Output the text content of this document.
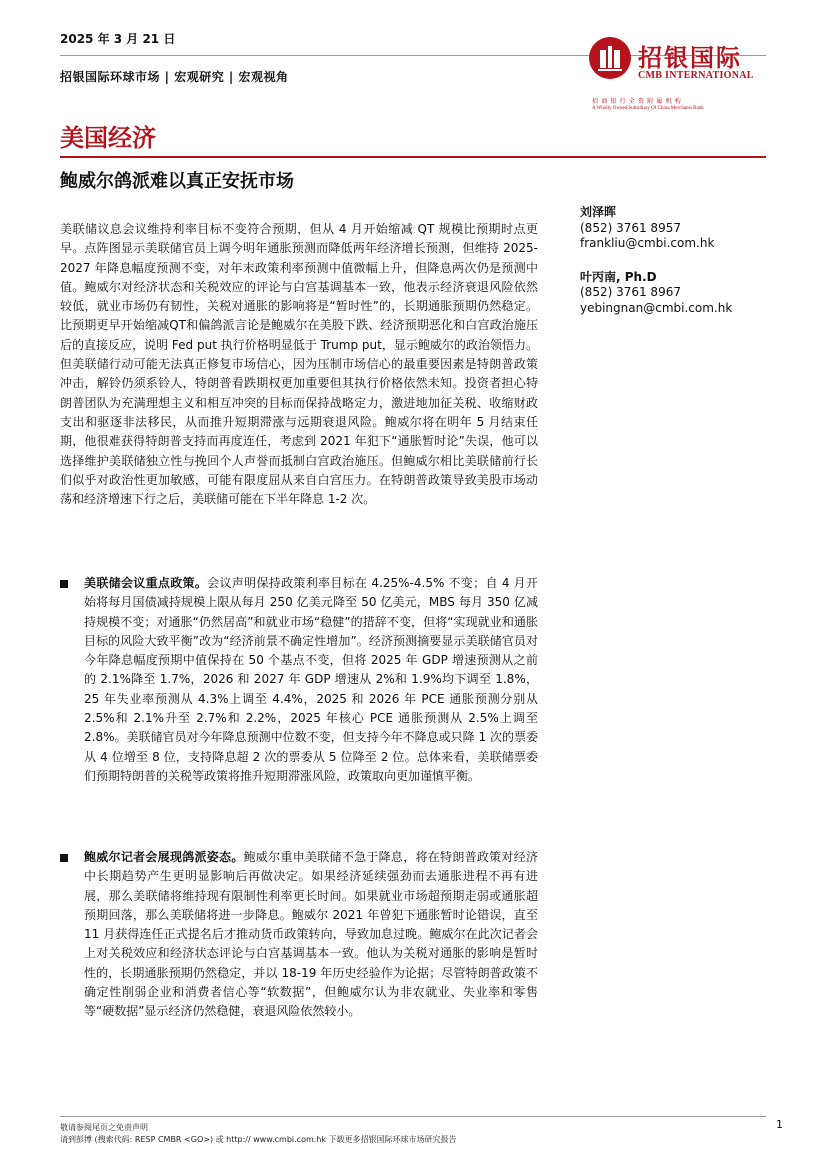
2025 年 3 月 21 日
招银国际环球市场 | 宏观研究 | 宏观视角
招银国际
CMB INTERNATIONAL
招商银行全资附属机构
A Wholly Owned Subsidiary Of China Merchants Bank
美国经济
鲍威尔鸽派难以真正安抚市场

美联储议息会议维持利率目标不变符合预期，但从 4 月开始缩减 QT 规模比预期时点更早。点阵图显示美联储官员上调今明年通胀预测而降低两年经济增长预测，但维持 2025-2027 年降息幅度预测不变，对年末政策利率预测中值微幅上升，但降息两次仍是预测中值。鲍威尔对经济状态和关税效应的评论与白宫基调基本一致，他表示经济衰退风险依然较低，就业市场仍有韧性，关税对通胀的影响将是“暂时性”的，长期通胀预期仍然稳定。比预期更早开始缩减QT和偏鸽派言论是鲍威尔在美股下跌、经济预期恶化和白宫政治施压后的直接反应，说明 Fed put 执行价格明显低于 Trump put，显示鲍威尔的政治领悟力。但美联储行动可能无法真正修复市场信心，因为压制市场信心的最重要因素是特朗普政策冲击，解铃仍须系铃人，特朗普看跌期权更加重要但其执行价格依然未知。投资者担心特朗普团队为充满理想主义和相互冲突的目标而保持战略定力，激进地加征关税、收缩财政支出和驱逐非法移民，从而推升短期滞涨与远期衰退风险。鲍威尔将在明年 5 月结束任期，他很难获得特朗普支持而再度连任，考虑到 2021 年犯下“通胀暂时论”失误，他可以选择维护美联储独立性与挽回个人声誉而抵制白宫政治施压。但鲍威尔相比美联储前行长们似乎对政治性更加敏感，可能有限度屈从来自白宫压力。在特朗普政策导致美股市场动荡和经济增速下行之后，美联储可能在下半年降息 1-2 次。

美联储会议重点政策。会议声明保持政策利率目标在 4.25%-4.5% 不变；自 4 月开始将每月国债减持规模上限从每月 250 亿美元降至 50 亿美元，MBS 每月 350 亿减持规模不变；对通胀“仍然居高”和就业市场“稳健”的措辞不变，但将“实现就业和通胀目标的风险大致平衡”改为“经济前景不确定性增加”。经济预测摘要显示美联储官员对今年降息幅度预期中值保持在 50 个基点不变，但将 2025 年 GDP 增速预测从之前的 2.1%降至 1.7%，2026 和 2027 年 GDP 增速从 2%和 1.9%均下调至 1.8%，25 年失业率预测从 4.3%上调至 4.4%，2025 和 2026 年 PCE 通胀预测分别从 2.5%和 2.1%升至 2.7%和 2.2%，2025 年核心 PCE 通胀预测从 2.5%上调至 2.8%。美联储官员对今年降息预测中位数不变，但支持今年不降息或只降 1 次的票委从 4 位增至 8 位，支持降息超 2 次的票委从 5 位降至 2 位。总体来看，美联储票委们预期特朗普的关税等政策将推升短期滞涨风险，政策取向更加谨慎平衡。
鲍威尔记者会展现鸽派姿态。鲍威尔重申美联储不急于降息，将在特朗普政策对经济中长期趋势产生更明显影响后再做决定。如果经济延续强劲而去通胀进程不再有进展，那么美联储将维持现有限制性利率更长时间。如果就业市场超预期走弱或通胀超预期回落，那么美联储将进一步降息。鲍威尔 2021 年曾犯下通胀暂时论错误，直至 11 月获得连任正式提名后才推动货币政策转向，导致加息过晚。鲍威尔在此次记者会上对关税效应和经济状态评论与白宫基调基本一致。他认为关税对通胀的影响是暂时性的，长期通胀预期仍然稳定，并以 18-19 年历史经验作为论据；尽管特朗普政策不确定性削弱企业和消费者信心等“软数据”，但鲍威尔认为非农就业、失业率和零售等“硬数据”显示经济仍然稳健，衰退风险依然较小。
刘泽晖
(852) 3761 8957
frankliu@cmbi.com.hk
叶丙南, Ph.D
(852) 3761 8967
yebingnan@cmbi.com.hk
敬请参阅尾页之免责声明
请到彭博 (搜索代码: RESP CMBR <GO>) 或 http:// www.cmbi.com.hk 下载更多招银国际环球市场研究报告
1
